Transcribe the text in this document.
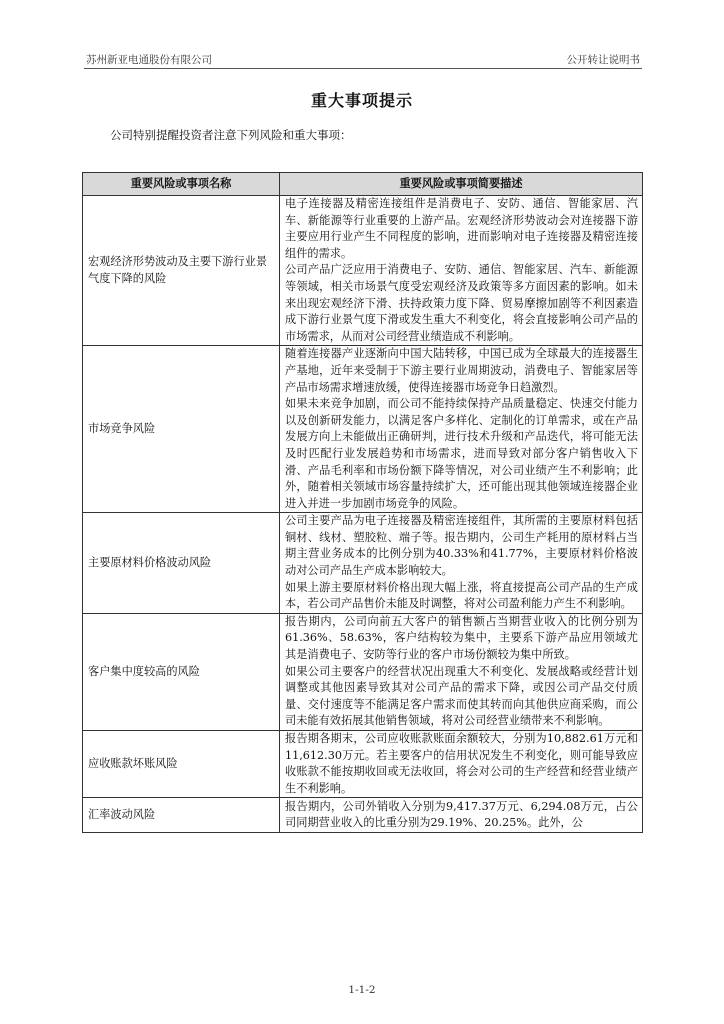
苏州新亚电通股份有限公司	公开转让说明书
重大事项提示
公司特别提醒投资者注意下列风险和重大事项：
重要风险或事项名称	重要风险或事项简要描述
宏观经济形势波动及主要下游行业景气度下降的风险	电子连接器及精密连接组件是消费电子、安防、通信、智能家居、汽车、新能源等行业重要的上游产品。宏观经济形势波动会对连接器下游主要应用行业产生不同程度的影响，进而影响对电子连接器及精密连接组件的需求。

公司产品广泛应用于消费电子、安防、通信、智能家居、汽车、新能源等领域，相关市场景气度受宏观经济及政策等多方面因素的影响。如未来出现宏观经济下滑、扶持政策力度下降、贸易摩擦加剧等不利因素造成下游行业景气度下滑或发生重大不利变化，将会直接影响公司产品的市场需求，从而对公司经营业绩造成不利影响。

市场竞争风险	随着连接器产业逐渐向中国大陆转移，中国已成为全球最大的连接器生产基地，近年来受制于下游主要行业周期波动，消费电子、智能家居等产品市场需求增速放缓，使得连接器市场竞争日趋激烈。

如果未来竞争加剧，而公司不能持续保持产品质量稳定、快速交付能力以及创新研发能力，以满足客户多样化、定制化的订单需求，或在产品发展方向上未能做出正确研判，进行技术升级和产品迭代，将可能无法及时匹配行业发展趋势和市场需求，进而导致对部分客户销售收入下滑、产品毛利率和市场份额下降等情况，对公司业绩产生不利影响；此外，随着相关领域市场容量持续扩大，还可能出现其他领域连接器企业进入并进一步加剧市场竞争的风险。

主要原材料价格波动风险	公司主要产品为电子连接器及精密连接组件，其所需的主要原材料包括铜材、线材、塑胶粒、端子等。报告期内，公司生产耗用的原材料占当期主营业务成本的比例分别为40.33%和41.77%，主要原材料价格波动对公司产品生产成本影响较大。

如果上游主要原材料价格出现大幅上涨，将直接提高公司产品的生产成本，若公司产品售价未能及时调整，将对公司盈利能力产生不利影响。

客户集中度较高的风险	报告期内，公司向前五大客户的销售额占当期营业收入的比例分别为61.36%、58.63%，客户结构较为集中，主要系下游产品应用领域尤其是消费电子、安防等行业的客户市场份额较为集中所致。

如果公司主要客户的经营状况出现重大不利变化、发展战略或经营计划调整或其他因素导致其对公司产品的需求下降，或因公司产品交付质量、交付速度等不能满足客户需求而使其转而向其他供应商采购，而公司未能有效拓展其他销售领域，将对公司经营业绩带来不利影响。

应收账款坏账风险	报告期各期末，公司应收账款账面余额较大，分别为10,882.61万元和11,612.30万元。若主要客户的信用状况发生不利变化，则可能导致应收账款不能按期收回或无法收回，将会对公司的生产经营和经营业绩产生不利影响。

汇率波动风险	报告期内，公司外销收入分别为9,417.37万元、6,294.08万元，占公司同期营业收入的比重分别为29.19%、20.25%。此外，公

1-1-2
